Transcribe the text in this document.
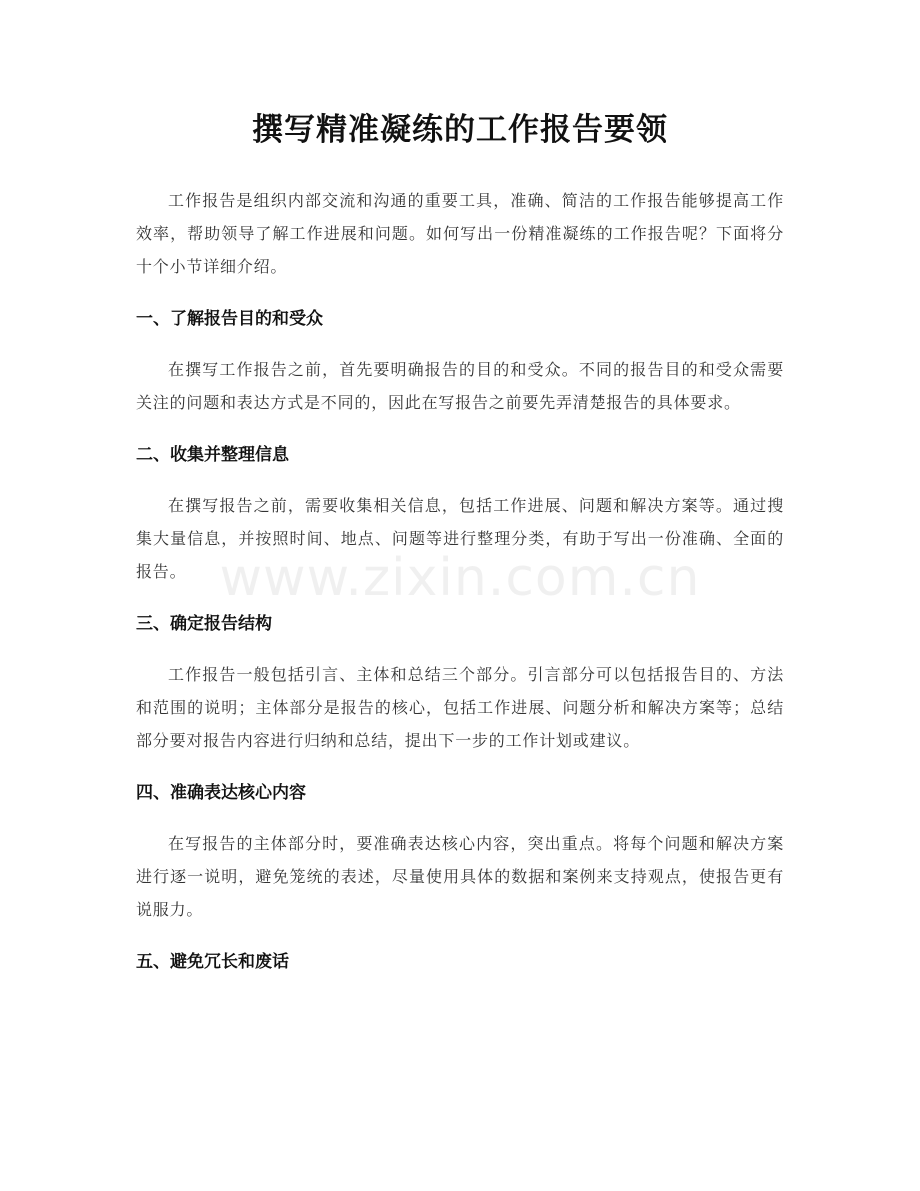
撰写精准凝练的工作报告要领

工作报告是组织内部交流和沟通的重要工具，准确、简洁的工作报告能够提高工作效率，帮助领导了解工作进展和问题。如何写出一份精准凝练的工作报告呢？下面将分十个小节详细介绍。

一、了解报告目的和受众

在撰写工作报告之前，首先要明确报告的目的和受众。不同的报告目的和受众需要关注的问题和表达方式是不同的，因此在写报告之前要先弄清楚报告的具体要求。

二、收集并整理信息

在撰写报告之前，需要收集相关信息，包括工作进展、问题和解决方案等。通过搜集大量信息，并按照时间、地点、问题等进行整理分类，有助于写出一份准确、全面的报告。

三、确定报告结构

工作报告一般包括引言、主体和总结三个部分。引言部分可以包括报告目的、方法和范围的说明；主体部分是报告的核心，包括工作进展、问题分析和解决方案等；总结部分要对报告内容进行归纳和总结，提出下一步的工作计划或建议。

四、准确表达核心内容

在写报告的主体部分时，要准确表达核心内容，突出重点。将每个问题和解决方案进行逐一说明，避免笼统的表述，尽量使用具体的数据和案例来支持观点，使报告更有说服力。

五、避免冗长和废话
www.zixin.com.cn
